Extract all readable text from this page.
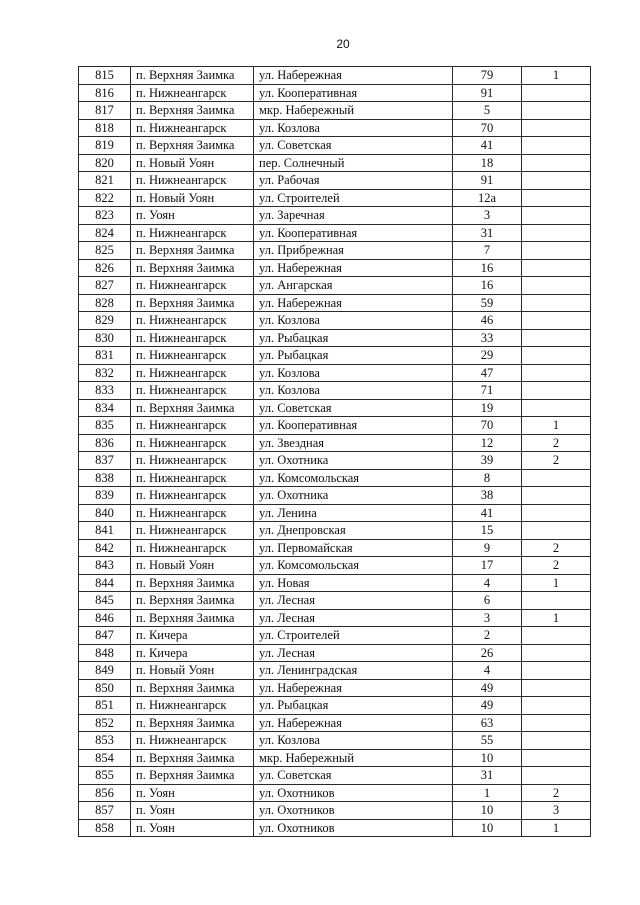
20
815	п. Верхняя Заимка	ул. Набережная	79	1
816	п. Нижнеангарск	ул. Кооперативная	91	
817	п. Верхняя Заимка	мкр. Набережный	5	
818	п. Нижнеангарск	ул. Козлова	70	
819	п. Верхняя Заимка	ул. Советская	41	
820	п. Новый Уоян	пер. Солнечный	18	
821	п. Нижнеангарск	ул. Рабочая	91	
822	п. Новый Уоян	ул. Строителей	12а	
823	п. Уоян	ул. Заречная	3	
824	п. Нижнеангарск	ул. Кооперативная	31	
825	п. Верхняя Заимка	ул. Прибрежная	7	
826	п. Верхняя Заимка	ул. Набережная	16	
827	п. Нижнеангарск	ул. Ангарская	16	
828	п. Верхняя Заимка	ул. Набережная	59	
829	п. Нижнеангарск	ул. Козлова	46	
830	п. Нижнеангарск	ул. Рыбацкая	33	
831	п. Нижнеангарск	ул. Рыбацкая	29	
832	п. Нижнеангарск	ул. Козлова	47	
833	п. Нижнеангарск	ул. Козлова	71	
834	п. Верхняя Заимка	ул. Советская	19	
835	п. Нижнеангарск	ул. Кооперативная	70	1
836	п. Нижнеангарск	ул. Звездная	12	2
837	п. Нижнеангарск	ул. Охотника	39	2
838	п. Нижнеангарск	ул. Комсомольская	8	
839	п. Нижнеангарск	ул. Охотника	38	
840	п. Нижнеангарск	ул. Ленина	41	
841	п. Нижнеангарск	ул. Днепровская	15	
842	п. Нижнеангарск	ул. Первомайская	9	2
843	п. Новый Уоян	ул. Комсомольская	17	2
844	п. Верхняя Заимка	ул. Новая	4	1
845	п. Верхняя Заимка	ул. Лесная	6	
846	п. Верхняя Заимка	ул. Лесная	3	1
847	п. Кичера	ул. Строителей	2	
848	п. Кичера	ул. Лесная	26	
849	п. Новый Уоян	ул. Ленинградская	4	
850	п. Верхняя Заимка	ул. Набережная	49	
851	п. Нижнеангарск	ул. Рыбацкая	49	
852	п. Верхняя Заимка	ул. Набережная	63	
853	п. Нижнеангарск	ул. Козлова	55	
854	п. Верхняя Заимка	мкр. Набережный	10	
855	п. Верхняя Заимка	ул. Советская	31	
856	п. Уоян	ул. Охотников	1	2
857	п. Уоян	ул. Охотников	10	3
858	п. Уоян	ул. Охотников	10	1
